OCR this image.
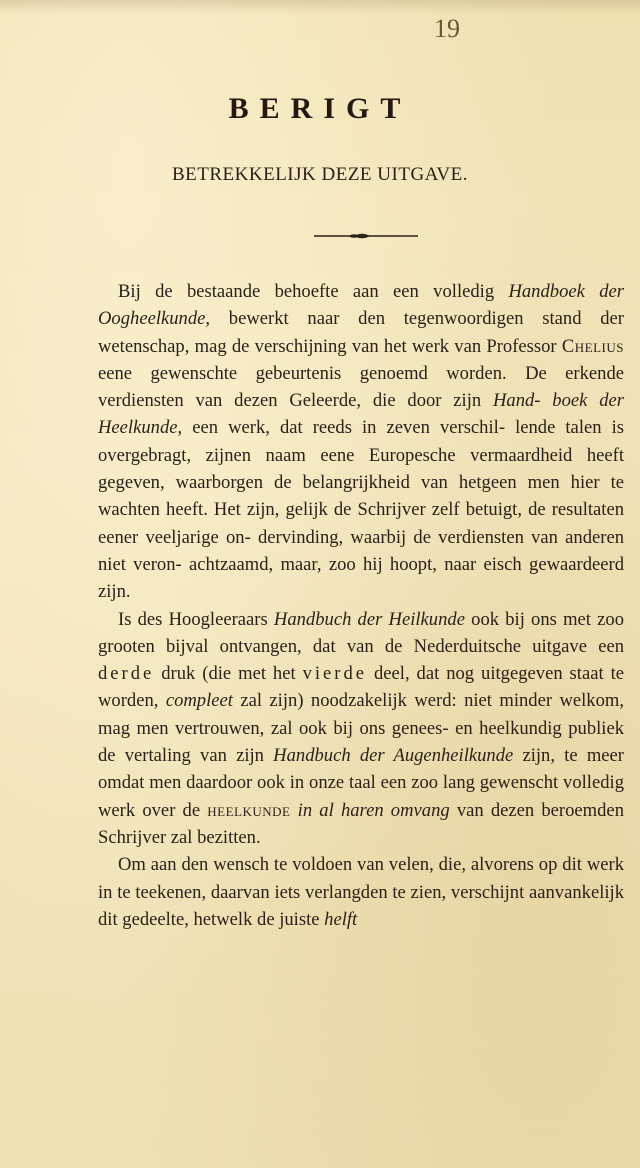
19
BERIGT
BETREKKELIJK DEZE UITGAVE.

Bij de bestaande behoefte aan een volledig Handboek der Oogheelkunde, bewerkt naar den tegenwoordigen stand der wetenschap, mag de verschijning van het werk van Professor Chelius eene gewenschte gebeurtenis genoemd worden. De erkende verdiensten van dezen Geleerde, die door zijn Hand- boek der Heelkunde, een werk, dat reeds in zeven verschil- lende talen is overgebragt, zijnen naam eene Europesche vermaardheid heeft gegeven, waarborgen de belangrijkheid van hetgeen men hier te wachten heeft. Het zijn, gelijk de Schrijver zelf betuigt, de resultaten eener veeljarige on- dervinding, waarbij de verdiensten van anderen niet veron- achtzaamd, maar, zoo hij hoopt, naar eisch gewaardeerd zijn.

Is des Hoogleeraars Handbuch der Heilkunde ook bij ons met zoo grooten bijval ontvangen, dat van de Nederduitsche uitgave een derde druk (die met het vierde deel, dat nog uitgegeven staat te worden, compleet zal zijn) noodzakelijk werd: niet minder welkom, mag men vertrouwen, zal ook bij ons genees- en heelkundig publiek de vertaling van zijn Handbuch der Augenheilkunde zijn, te meer omdat men daardoor ook in onze taal een zoo lang gewenscht volledig werk over de heelkunde in al haren omvang van dezen beroemden Schrijver zal bezitten.

Om aan den wensch te voldoen van velen, die, alvorens op dit werk in te teekenen, daarvan iets verlangden te zien, verschijnt aanvankelijk dit gedeelte, hetwelk de juiste helft
